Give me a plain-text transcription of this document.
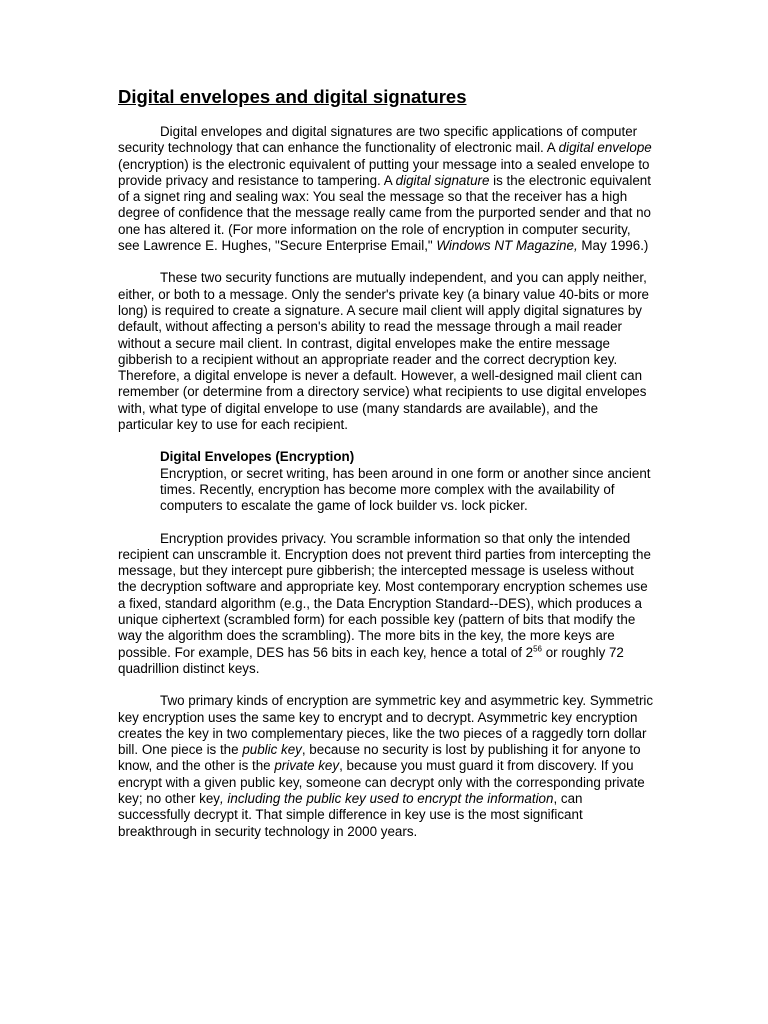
Digital envelopes and digital signatures

Digital envelopes and digital signatures are two specific applications of computer security technology that can enhance the functionality of electronic mail. A digital envelope (encryption) is the electronic equivalent of putting your message into a sealed envelope to provide privacy and resistance to tampering. A digital signature is the electronic equivalent of a signet ring and sealing wax: You seal the message so that the receiver has a high degree of confidence that the message really came from the purported sender and that no one has altered it. (For more information on the role of encryption in computer security, see Lawrence E. Hughes, "Secure Enterprise Email," Windows NT Magazine, May 1996.)

These two security functions are mutually independent, and you can apply neither, either, or both to a message. Only the sender's private key (a binary value 40-bits or more long) is required to create a signature. A secure mail client will apply digital signatures by default, without affecting a person's ability to read the message through a mail reader without a secure mail client. In contrast, digital envelopes make the entire message gibberish to a recipient without an appropriate reader and the correct decryption key. Therefore, a digital envelope is never a default. However, a well-designed mail client can remember (or determine from a directory service) what recipients to use digital envelopes with, what type of digital envelope to use (many standards are available), and the particular key to use for each recipient.

Digital Envelopes (Encryption)
Encryption, or secret writing, has been around in one form or another since ancient times. Recently, encryption has become more complex with the availability of computers to escalate the game of lock builder vs. lock picker.

Encryption provides privacy. You scramble information so that only the intended recipient can unscramble it. Encryption does not prevent third parties from intercepting the message, but they intercept pure gibberish; the intercepted message is useless without the decryption software and appropriate key. Most contemporary encryption schemes use a fixed, standard algorithm (e.g., the Data Encryption Standard--DES), which produces a unique ciphertext (scrambled form) for each possible key (pattern of bits that modify the way the algorithm does the scrambling). The more bits in the key, the more keys are possible. For example, DES has 56 bits in each key, hence a total of $2^{56}$ or roughly 72 quadrillion distinct keys.

Two primary kinds of encryption are symmetric key and asymmetric key. Symmetric key encryption uses the same key to encrypt and to decrypt. Asymmetric key encryption creates the key in two complementary pieces, like the two pieces of a raggedly torn dollar bill. One piece is the public key, because no security is lost by publishing it for anyone to know, and the other is the private key, because you must guard it from discovery. If you encrypt with a given public key, someone can decrypt only with the corresponding private key; no other key, including the public key used to encrypt the information, can successfully decrypt it. That simple difference in key use is the most significant breakthrough in security technology in 2000 years.
